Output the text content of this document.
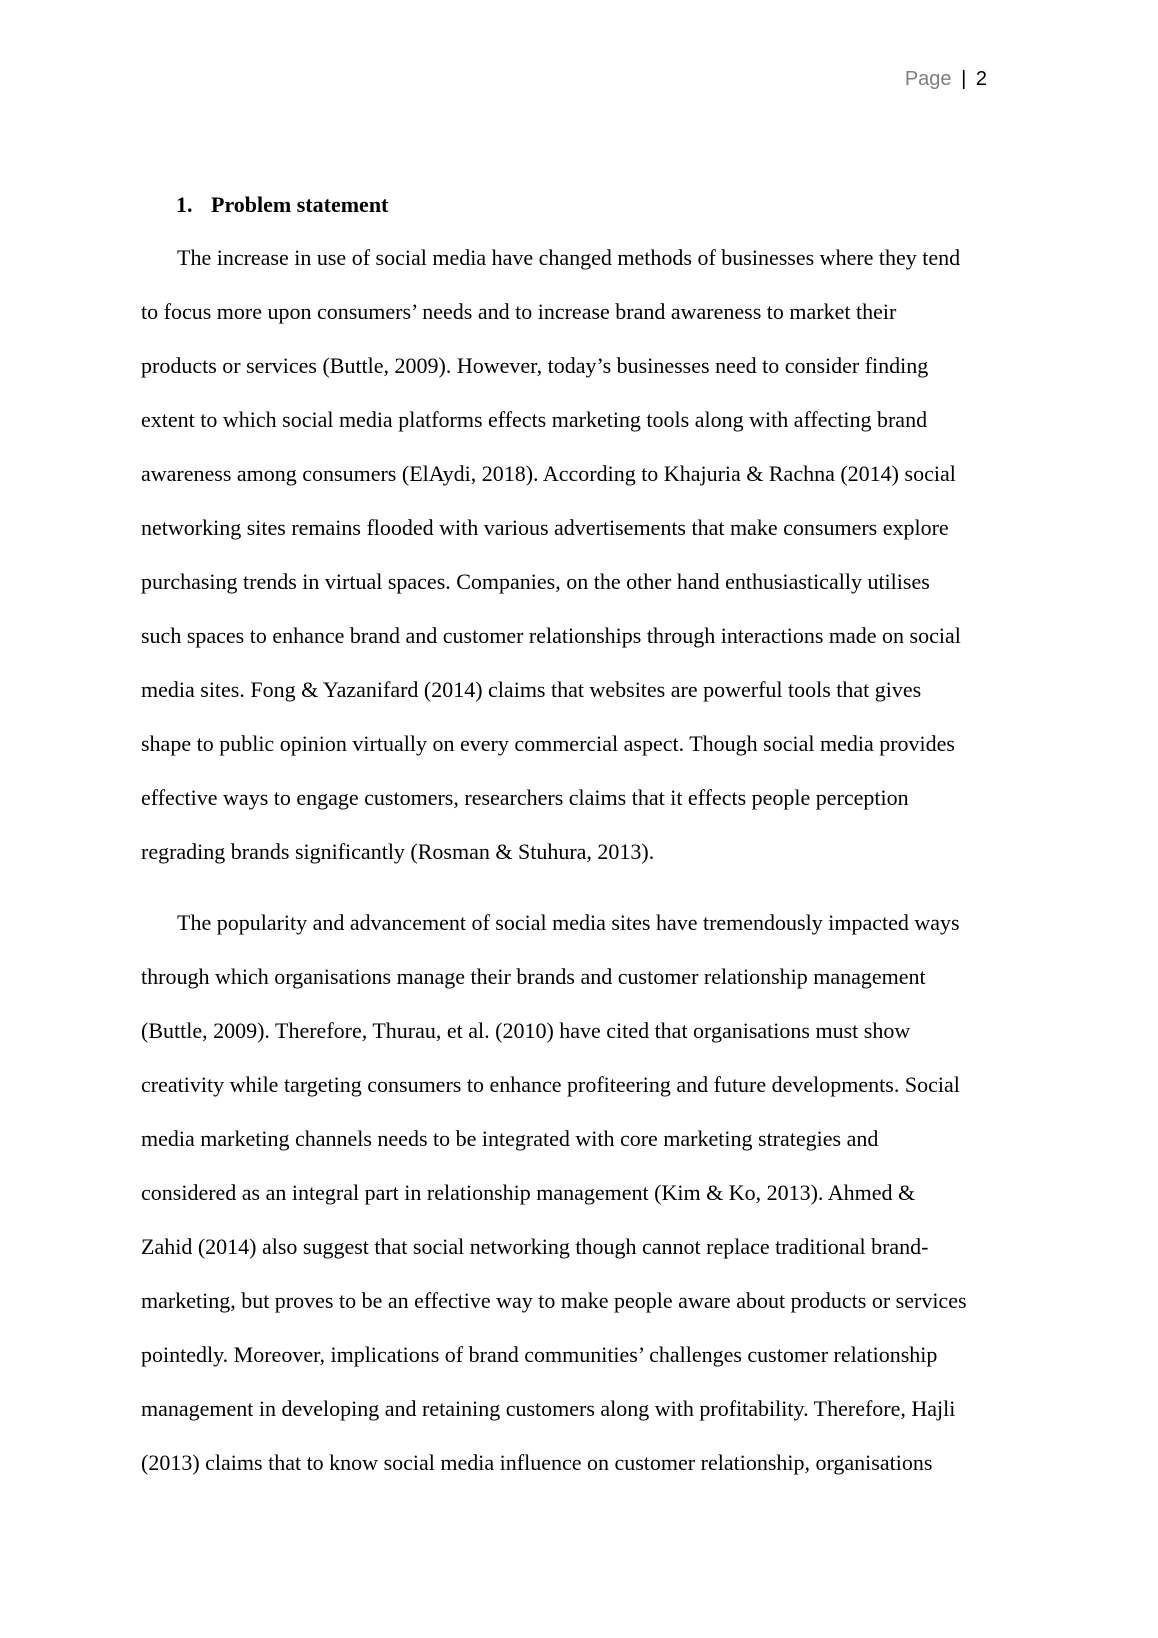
Page | 2
1. Problem statement
The increase in use of social media have changed methods of businesses where they tend
to focus more upon consumers’ needs and to increase brand awareness to market their
products or services (Buttle, 2009). However, today’s businesses need to consider finding
extent to which social media platforms effects marketing tools along with affecting brand
awareness among consumers (ElAydi, 2018). According to Khajuria & Rachna (2014) social
networking sites remains flooded with various advertisements that make consumers explore
purchasing trends in virtual spaces. Companies, on the other hand enthusiastically utilises
such spaces to enhance brand and customer relationships through interactions made on social
media sites. Fong & Yazanifard (2014) claims that websites are powerful tools that gives
shape to public opinion virtually on every commercial aspect. Though social media provides
effective ways to engage customers, researchers claims that it effects people perception
regrading brands significantly (Rosman & Stuhura, 2013).
The popularity and advancement of social media sites have tremendously impacted ways
through which organisations manage their brands and customer relationship management
(Buttle, 2009). Therefore, Thurau, et al. (2010) have cited that organisations must show
creativity while targeting consumers to enhance profiteering and future developments. Social
media marketing channels needs to be integrated with core marketing strategies and
considered as an integral part in relationship management (Kim & Ko, 2013). Ahmed &
Zahid (2014) also suggest that social networking though cannot replace traditional brand-
marketing, but proves to be an effective way to make people aware about products or services
pointedly. Moreover, implications of brand communities’ challenges customer relationship
management in developing and retaining customers along with profitability. Therefore, Hajli
(2013) claims that to know social media influence on customer relationship, organisations
